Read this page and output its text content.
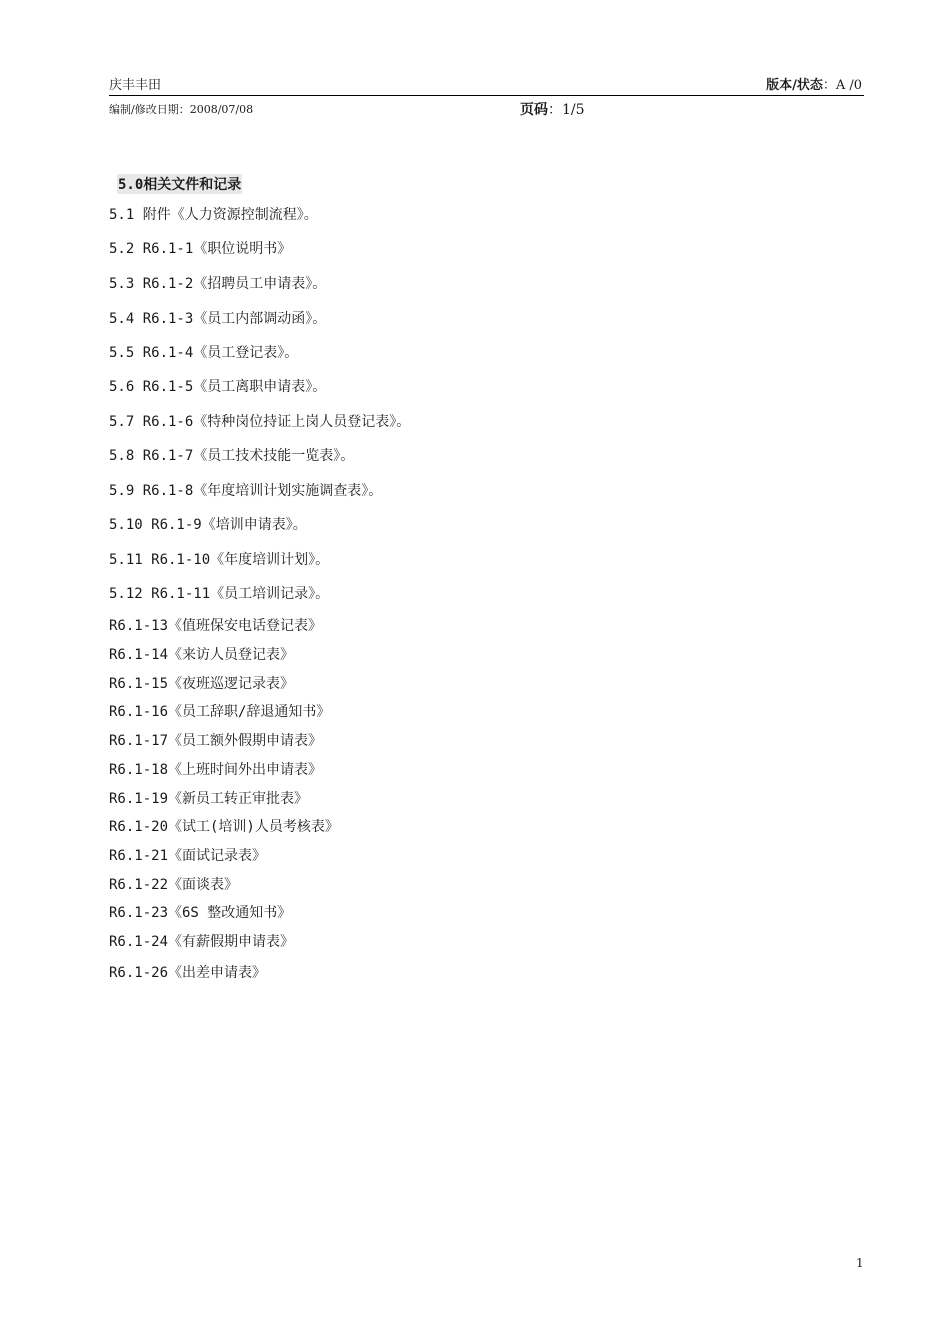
庆丰丰田	版本/状态：A /0
编制/修改日期：2008/07/08	页码：1/5
5.0相关文件和记录
5.1 附件《人力资源控制流程》。
5.2 R6.1-1《职位说明书》
5.3 R6.1-2《招聘员工申请表》。
5.4 R6.1-3《员工内部调动函》。
5.5 R6.1-4《员工登记表》。
5.6 R6.1-5《员工离职申请表》。
5.7 R6.1-6《特种岗位持证上岗人员登记表》。
5.8 R6.1-7《员工技术技能一览表》。
5.9 R6.1-8《年度培训计划实施调查表》。
5.10 R6.1-9《培训申请表》。
5.11 R6.1-10《年度培训计划》。
5.12 R6.1-11《员工培训记录》。
R6.1-13《值班保安电话登记表》
R6.1-14《来访人员登记表》
R6.1-15《夜班巡逻记录表》
R6.1-16《员工辞职/辞退通知书》
R6.1-17《员工额外假期申请表》
R6.1-18《上班时间外出申请表》
R6.1-19《新员工转正审批表》
R6.1-20《试工(培训)人员考核表》
R6.1-21《面试记录表》
R6.1-22《面谈表》
R6.1-23《6S 整改通知书》
R6.1-24《有薪假期申请表》
R6.1-26《出差申请表》
1
